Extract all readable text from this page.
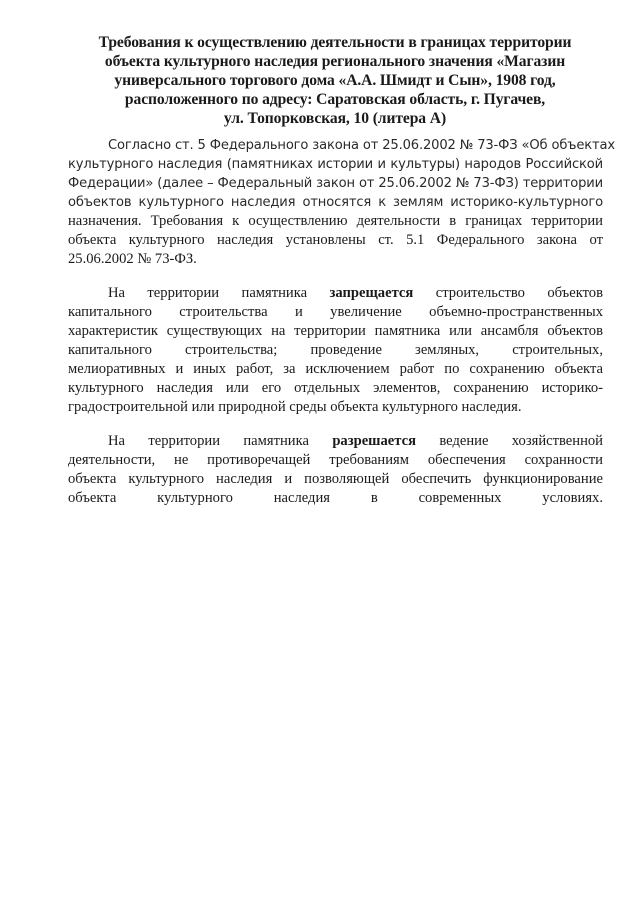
Требования к осуществлению деятельности в границах территории
объекта культурного наследия регионального значения «Магазин
универсального торгового дома «А.А. Шмидт и Сын», 1908 год,
расположенного по адресу: Саратовская область, г. Пугачев,
ул. Топорковская, 10 (литера А)
Согласно ст. 5 Федерального закона от 25.06.2002 № 73-ФЗ «Об объектах
культурного наследия (памятниках истории и культуры) народов Российской
Федерации» (далее – Федеральный закон от 25.06.2002 № 73-ФЗ) территории
объектов культурного наследия относятся к землям историко-культурного
назначения. Требования к осуществлению деятельности в границах территории
объекта культурного наследия установлены ст. 5.1 Федерального закона от
25.06.2002 № 73-ФЗ.
На территории памятника запрещается строительство объектов
капитального строительства и увеличение объемно-пространственных
характеристик существующих на территории памятника или ансамбля объектов
капитального строительства; проведение земляных, строительных,
мелиоративных и иных работ, за исключением работ по сохранению объекта
культурного наследия или его отдельных элементов, сохранению историко-
градостроительной или природной среды объекта культурного наследия.
На территории памятника разрешается ведение хозяйственной
деятельности, не противоречащей требованиям обеспечения сохранности
объекта культурного наследия и позволяющей обеспечить функционирование
объекта культурного наследия в современных условиях.
